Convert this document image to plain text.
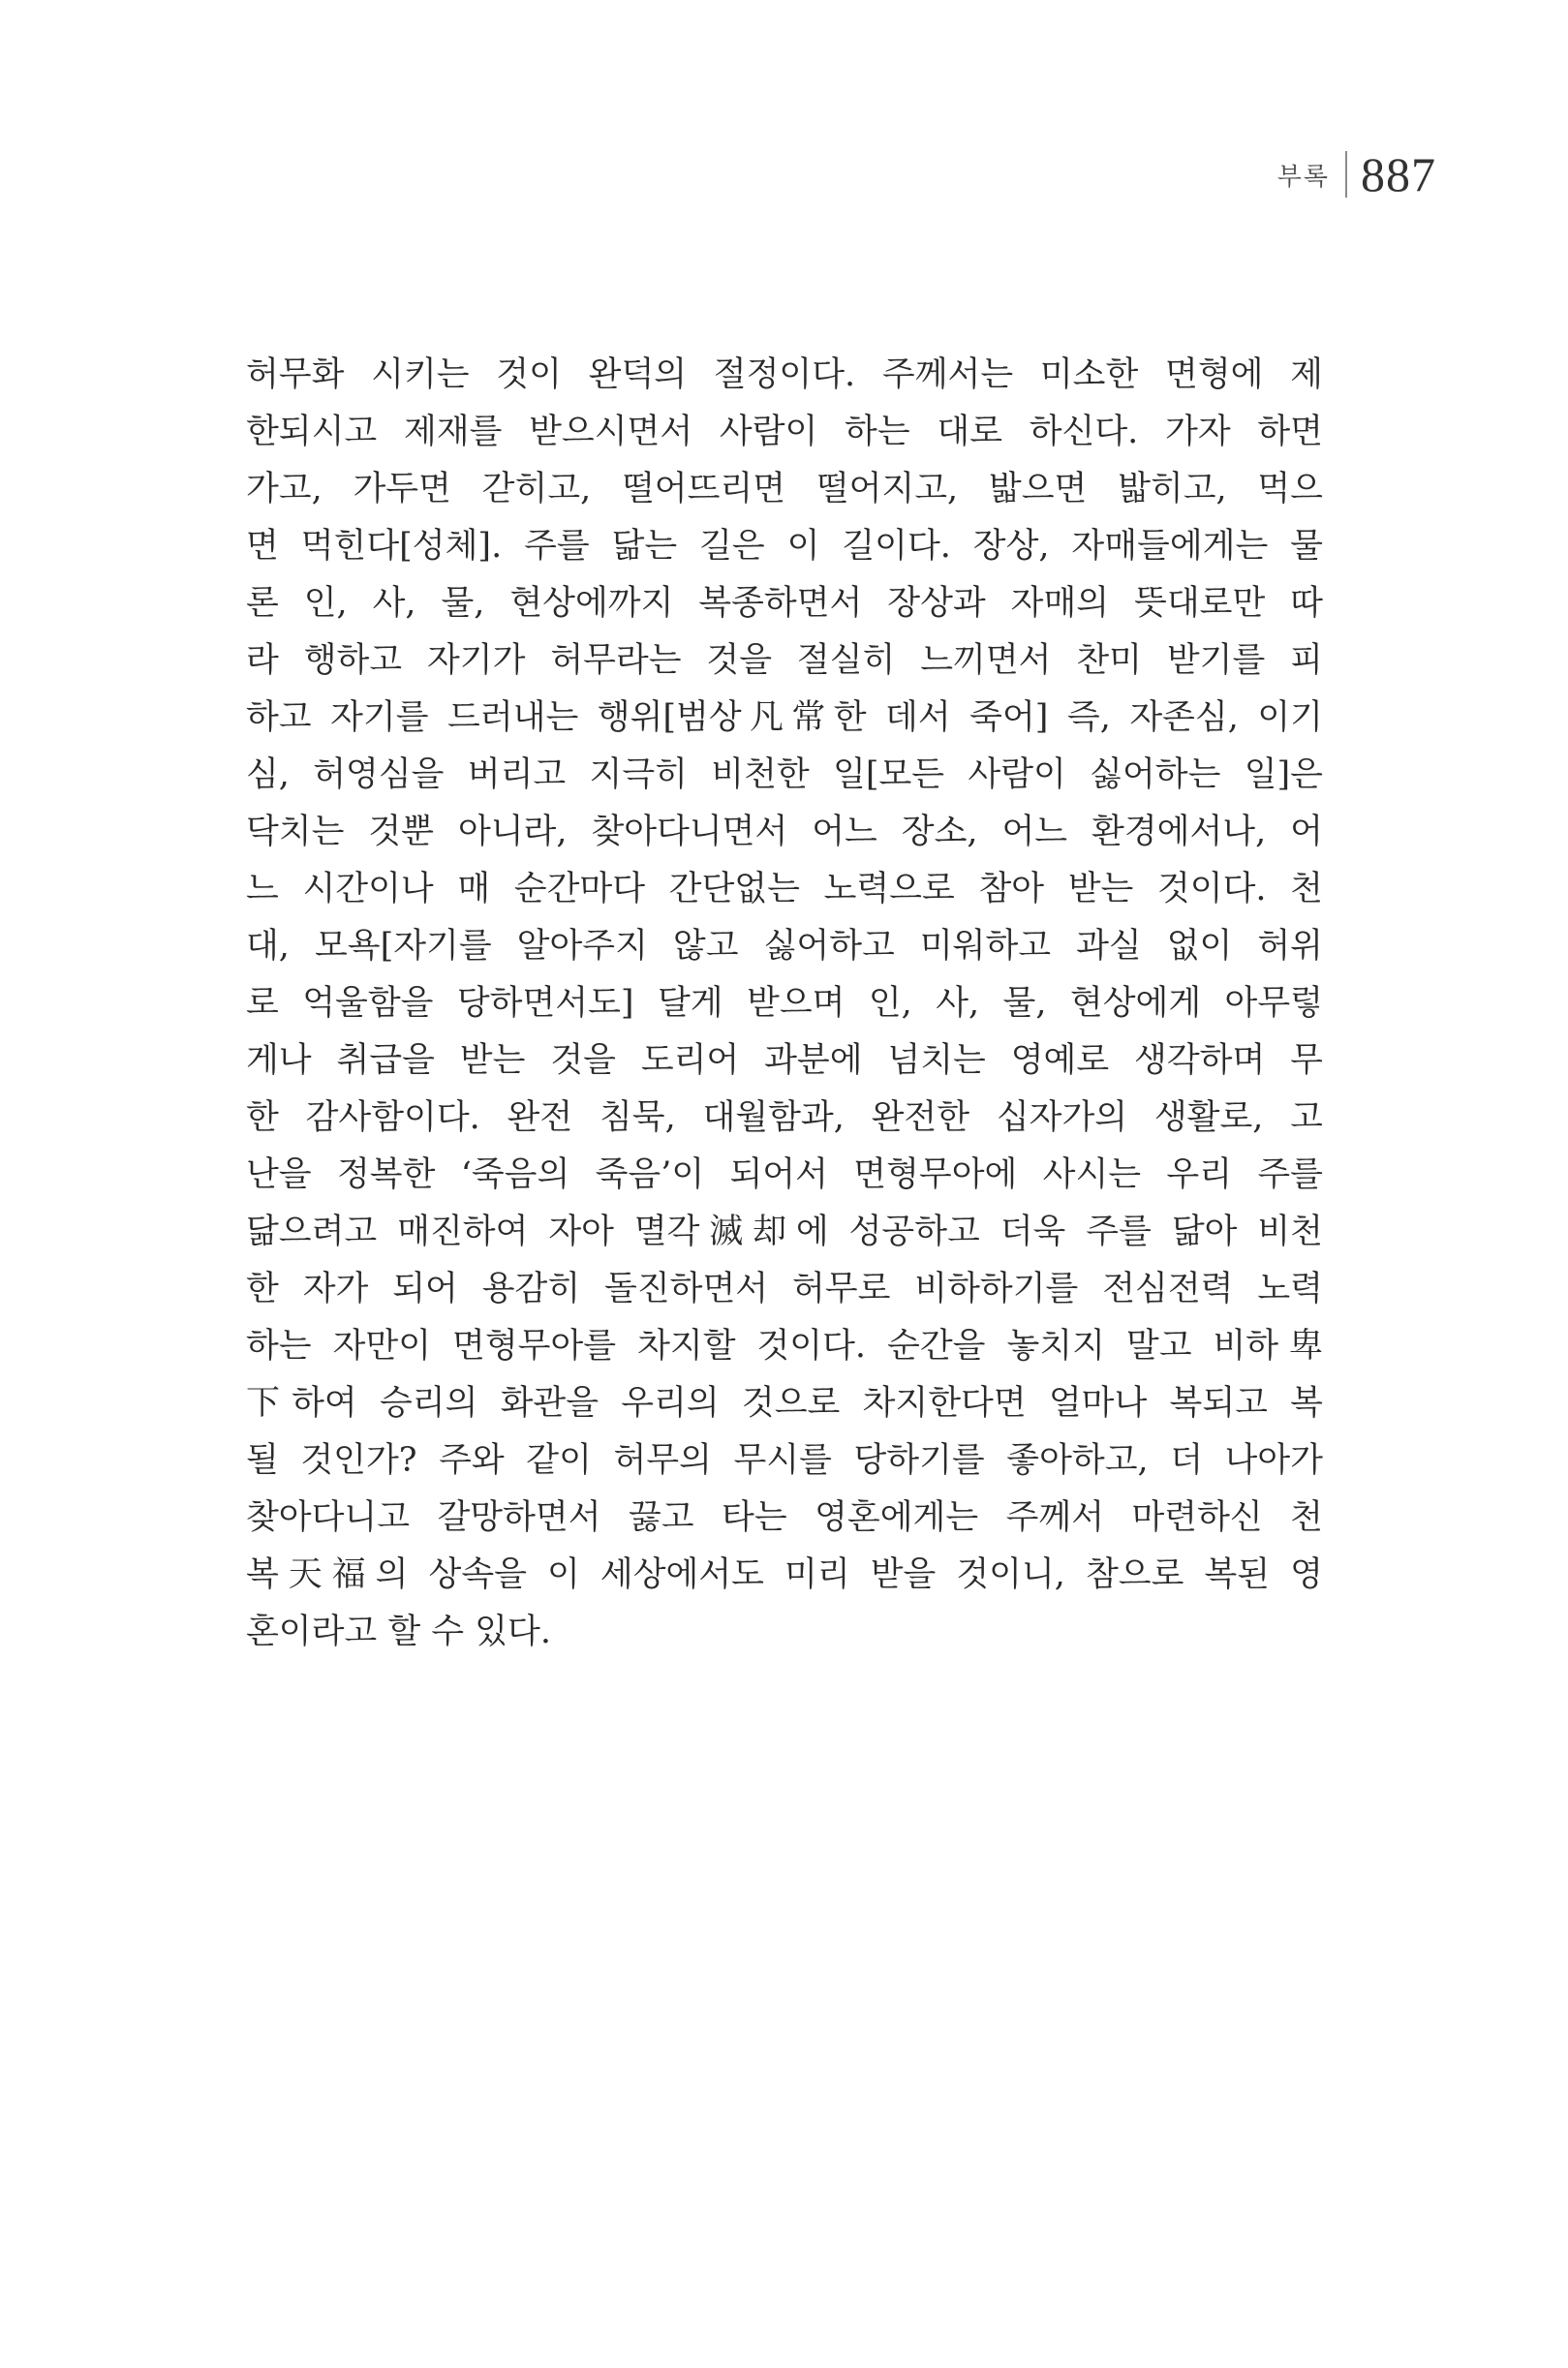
부록 887
허무화 시키는 것이 완덕의 절정이다. 주께서는 미소한 면형에 제
한되시고 제재를 받으시면서 사람이 하는 대로 하신다. 가자 하면
가고, 가두면 갇히고, 떨어뜨리면 떨어지고, 밟으면 밟히고, 먹으
면 먹힌다[성체]. 주를 닮는 길은 이 길이다. 장상, 자매들에게는 물
론 인, 사, 물, 현상에까지 복종하면서 장상과 자매의 뜻대로만 따
라 행하고 자기가 허무라는 것을 절실히 느끼면서 찬미 받기를 피
하고 자기를 드러내는 행위[범상凡常한 데서 죽어] 즉, 자존심, 이기
심, 허영심을 버리고 지극히 비천한 일[모든 사람이 싫어하는 일]은
닥치는 것뿐 아니라, 찾아다니면서 어느 장소, 어느 환경에서나, 어
느 시간이나 매 순간마다 간단없는 노력으로 참아 받는 것이다. 천
대, 모욕[자기를 알아주지 않고 싫어하고 미워하고 과실 없이 허위
로 억울함을 당하면서도] 달게 받으며 인, 사, 물, 현상에게 아무렇
게나 취급을 받는 것을 도리어 과분에 넘치는 영예로 생각하며 무
한 감사함이다. 완전 침묵, 대월함과, 완전한 십자가의 생활로, 고
난을 정복한 ‘죽음의 죽음’이 되어서 면형무아에 사시는 우리 주를
닮으려고 매진하여 자아 멸각滅却에 성공하고 더욱 주를 닮아 비천
한 자가 되어 용감히 돌진하면서 허무로 비하하기를 전심전력 노력
하는 자만이 면형무아를 차지할 것이다. 순간을 놓치지 말고 비하卑
下하여 승리의 화관을 우리의 것으로 차지한다면 얼마나 복되고 복
될 것인가? 주와 같이 허무의 무시를 당하기를 좋아하고, 더 나아가
찾아다니고 갈망하면서 끓고 타는 영혼에게는 주께서 마련하신 천
복天福의 상속을 이 세상에서도 미리 받을 것이니, 참으로 복된 영
혼이라고 할 수 있다.
